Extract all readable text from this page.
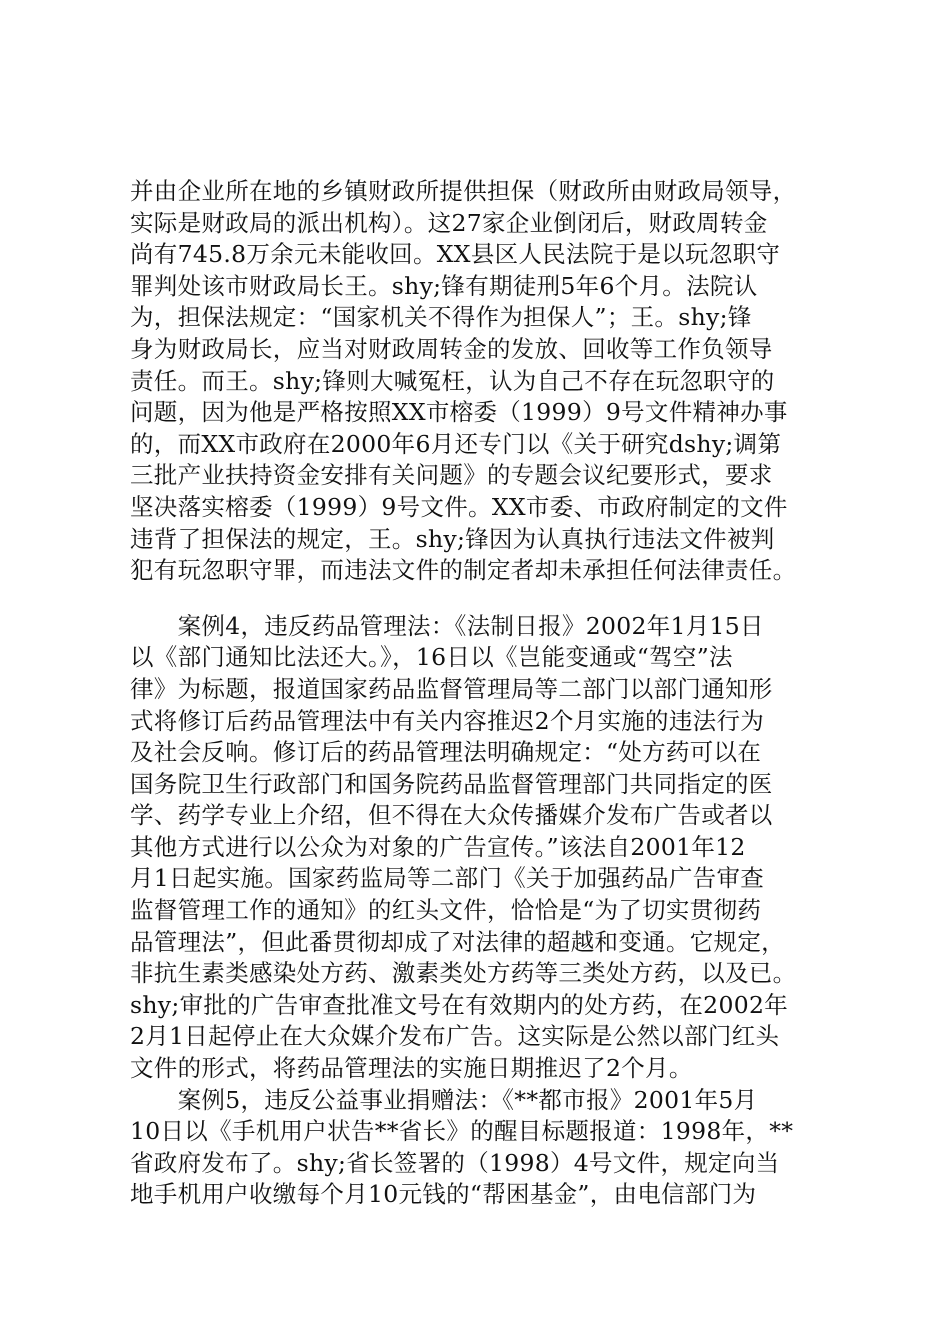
并由企业所在地的乡镇财政所提供担保（财政所由财政局领导，
实际是财政局的派出机构）。这27家企业倒闭后，财政周转金
尚有745.8万余元未能收回。XX县区人民法院于是以玩忽职守
罪判处该市财政局长王。shy;锋有期徒刑5年6个月。法院认
为，担保法规定：“国家机关不得作为担保人”；王。shy;锋
身为财政局长，应当对财政周转金的发放、回收等工作负领导
责任。而王。shy;锋则大喊冤枉，认为自己不存在玩忽职守的
问题，因为他是严格按照XX市榕委（1999）9号文件精神办事
的，而XX市政府在2000年6月还专门以《关于研究dshy;调第
三批产业扶持资金安排有关问题》的专题会议纪要形式，要求
坚决落实榕委（1999）9号文件。XX市委、市政府制定的文件
违背了担保法的规定，王。shy;锋因为认真执行违法文件被判
犯有玩忽职守罪，而违法文件的制定者却未承担任何法律责任。
　　案例4，违反药品管理法：《法制日报》2002年1月15日
以《部门通知比法还大。》，16日以《岂能变通或“驾空”法
律》为标题，报道国家药品监督管理局等二部门以部门通知形
式将修订后药品管理法中有关内容推迟2个月实施的违法行为
及社会反响。修订后的药品管理法明确规定：“处方药可以在
国务院卫生行政部门和国务院药品监督管理部门共同指定的医
学、药学专业上介绍，但不得在大众传播媒介发布广告或者以
其他方式进行以公众为对象的广告宣传。”该法自2001年12
月1日起实施。国家药监局等二部门《关于加强药品广告审查
监督管理工作的通知》的红头文件，恰恰是“为了切实贯彻药
品管理法”，但此番贯彻却成了对法律的超越和变通。它规定，
非抗生素类感染处方药、激素类处方药等三类处方药，以及已。
shy;审批的广告审查批准文号在有效期内的处方药，在2002年
2月1日起停止在大众媒介发布广告。这实际是公然以部门红头
文件的形式，将药品管理法的实施日期推迟了2个月。
　　案例5，违反公益事业捐赠法：《**都市报》2001年5月
10日以《手机用户状告**省长》的醒目标题报道：1998年，**
省政府发布了。shy;省长签署的（1998）4号文件，规定向当
地手机用户收缴每个月10元钱的“帮困基金”，由电信部门为
